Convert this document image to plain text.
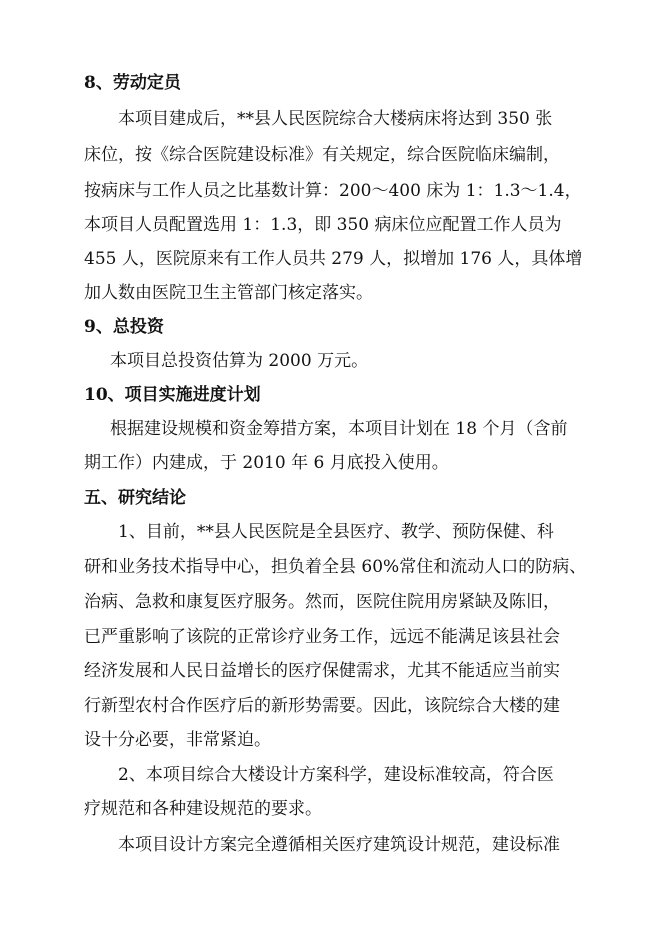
8、劳动定员
本项目建成后，**县人民医院综合大楼病床将达到 350 张
床位，按《综合医院建设标准》有关规定，综合医院临床编制，
按病床与工作人员之比基数计算：200～400 床为 1：1.3～1.4，
本项目人员配置选用 1：1.3，即 350 病床位应配置工作人员为
455 人，医院原来有工作人员共 279 人，拟增加 176 人，具体增
加人数由医院卫生主管部门核定落实。
9、总投资
本项目总投资估算为 2000 万元。
10、项目实施进度计划
根据建设规模和资金筹措方案，本项目计划在 18 个月（含前
期工作）内建成，于 2010 年 6 月底投入使用。
五、研究结论
1、目前，**县人民医院是全县医疗、教学、预防保健、科
研和业务技术指导中心，担负着全县 60%常住和流动人口的防病、
治病、急救和康复医疗服务。然而，医院住院用房紧缺及陈旧，
已严重影响了该院的正常诊疗业务工作，远远不能满足该县社会
经济发展和人民日益增长的医疗保健需求，尤其不能适应当前实
行新型农村合作医疗后的新形势需要。因此，该院综合大楼的建
设十分必要，非常紧迫。
2、本项目综合大楼设计方案科学，建设标准较高，符合医
疗规范和各种建设规范的要求。
本项目设计方案完全遵循相关医疗建筑设计规范，建设标准
